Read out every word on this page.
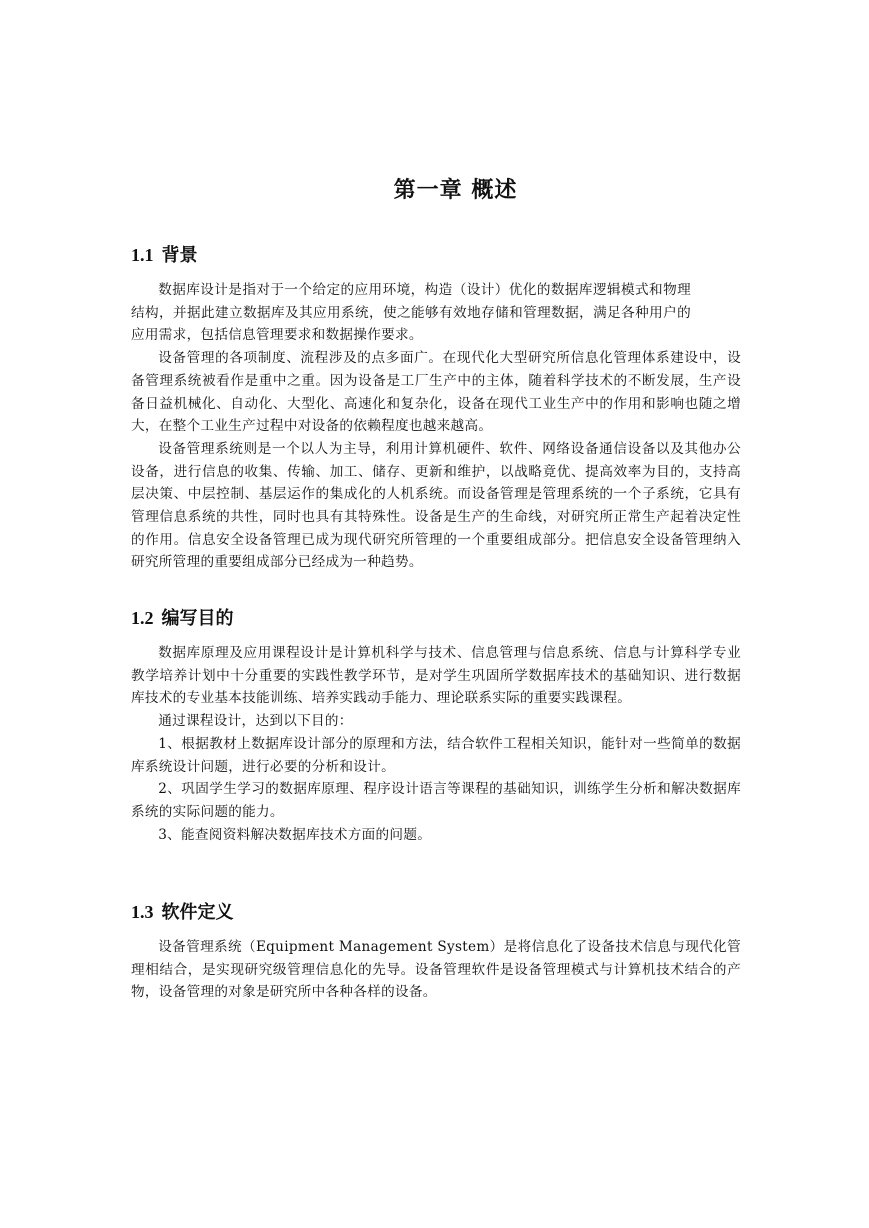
第一章 概述
1.1 背景

数据库设计是指对于一个给定的应用环境，构造（设计）优化的数据库逻辑模式和物理结构，并据此建立数据库及其应用系统，使之能够有效地存储和管理数据，满足各种用户的应用需求，包括信息管理要求和数据操作要求。

设备管理的各项制度、流程涉及的点多面广。在现代化大型研究所信息化管理体系建设中，设备管理系统被看作是重中之重。因为设备是工厂生产中的主体，随着科学技术的不断发展，生产设备日益机械化、自动化、大型化、高速化和复杂化，设备在现代工业生产中的作用和影响也随之增大，在整个工业生产过程中对设备的依赖程度也越来越高。

设备管理系统则是一个以人为主导，利用计算机硬件、软件、网络设备通信设备以及其他办公设备，进行信息的收集、传输、加工、储存、更新和维护，以战略竟优、提高效率为目的，支持高层决策、中层控制、基层运作的集成化的人机系统。而设备管理是管理系统的一个子系统，它具有管理信息系统的共性，同时也具有其特殊性。设备是生产的生命线，对研究所正常生产起着决定性的作用。信息安全设备管理已成为现代研究所管理的一个重要组成部分。把信息安全设备管理纳入研究所管理的重要组成部分已经成为一种趋势。

1.2 编写目的

数据库原理及应用课程设计是计算机科学与技术、信息管理与信息系统、信息与计算科学专业教学培养计划中十分重要的实践性教学环节，是对学生巩固所学数据库技术的基础知识、进行数据库技术的专业基本技能训练、培养实践动手能力、理论联系实际的重要实践课程。

通过课程设计，达到以下目的：

1、根据教材上数据库设计部分的原理和方法，结合软件工程相关知识，能针对一些简单的数据库系统设计问题，进行必要的分析和设计。

2、巩固学生学习的数据库原理、程序设计语言等课程的基础知识，训练学生分析和解决数据库系统的实际问题的能力。

3、能查阅资料解决数据库技术方面的问题。

1.3 软件定义

设备管理系统（Equipment Management System）是将信息化了设备技术信息与现代化管理相结合，是实现研究级管理信息化的先导。设备管理软件是设备管理模式与计算机技术结合的产物，设备管理的对象是研究所中各种各样的设备。
